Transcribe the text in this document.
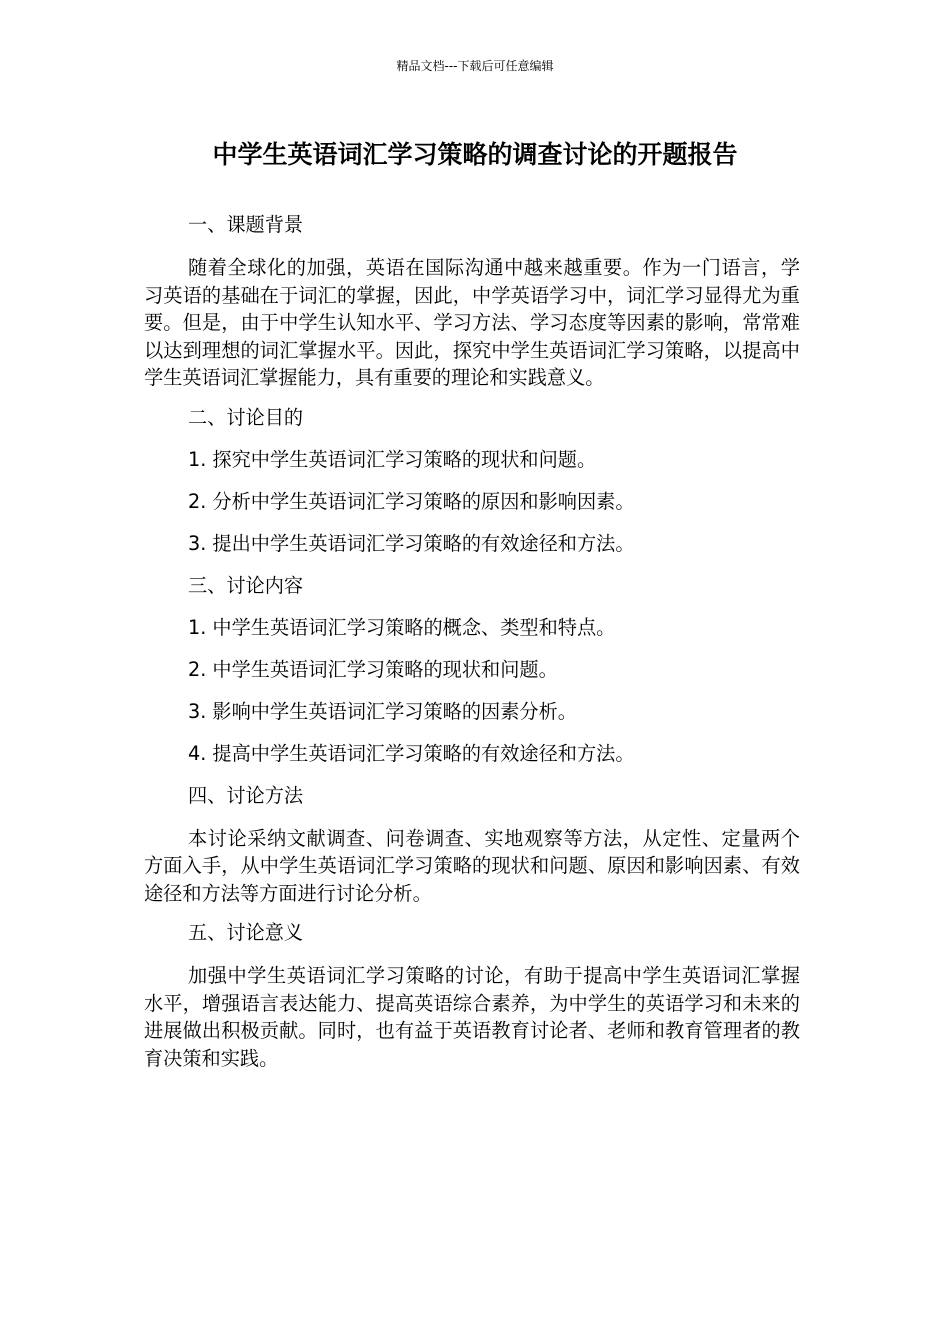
精品文档---下载后可任意编辑
中学生英语词汇学习策略的调查讨论的开题报告

一、课题背景

随着全球化的加强，英语在国际沟通中越来越重要。作为一门语言，学习英语的基础在于词汇的掌握，因此，中学英语学习中，词汇学习显得尤为重要。但是，由于中学生认知水平、学习方法、学习态度等因素的影响，常常难以达到理想的词汇掌握水平。因此，探究中学生英语词汇学习策略，以提高中学生英语词汇掌握能力，具有重要的理论和实践意义。

二、讨论目的

1. 探究中学生英语词汇学习策略的现状和问题。

2. 分析中学生英语词汇学习策略的原因和影响因素。

3. 提出中学生英语词汇学习策略的有效途径和方法。

三、讨论内容

1. 中学生英语词汇学习策略的概念、类型和特点。

2. 中学生英语词汇学习策略的现状和问题。

3. 影响中学生英语词汇学习策略的因素分析。

4. 提高中学生英语词汇学习策略的有效途径和方法。

四、讨论方法

本讨论采纳文献调查、问卷调查、实地观察等方法，从定性、定量两个方面入手，从中学生英语词汇学习策略的现状和问题、原因和影响因素、有效途径和方法等方面进行讨论分析。

五、讨论意义

加强中学生英语词汇学习策略的讨论，有助于提高中学生英语词汇掌握水平，增强语言表达能力、提高英语综合素养，为中学生的英语学习和未来的进展做出积极贡献。同时，也有益于英语教育讨论者、老师和教育管理者的教育决策和实践。
